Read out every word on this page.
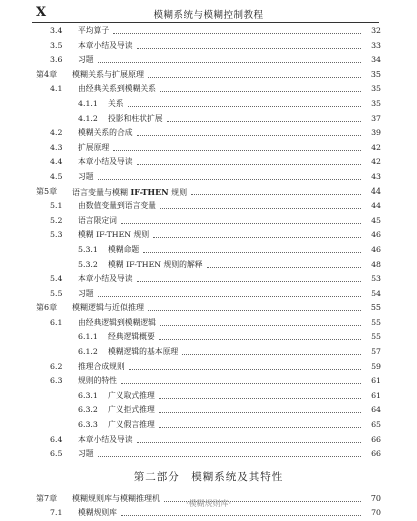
X	模糊系统与模糊控制教程
3.4 平均算子	32
3.5 本章小结及导读	33
3.6 习题	34
第4章 模糊关系与扩展原理	35
4.1 由经典关系到模糊关系	35
4.1.1 关系	35
4.1.2 投影和柱状扩展	37
4.2 模糊关系的合成	39
4.3 扩展原理	42
4.4 本章小结及导读	42
4.5 习题	43
第5章 语言变量与模糊 IF-THEN 规则	44
5.1 由数值变量到语言变量	44
5.2 语言限定词	45
5.3 模糊 IF-THEN 规则	46
5.3.1 模糊命题	46
5.3.2 模糊 IF-THEN 规则的解释	48
5.4 本章小结及导读	53
5.5 习题	54
第6章 模糊逻辑与近似推理	55
6.1 由经典逻辑到模糊逻辑	55
6.1.1 经典逻辑概要	55
6.1.2 模糊逻辑的基本原理	57
6.2 推理合成规则	59
6.3 规则的特性	61
6.3.1 广义取式推理	61
6.3.2 广义拒式推理	64
6.3.3 广义假言推理	65
6.4 本章小结及导读	66
6.5 习题	66
第二部分　模糊系统及其特性
第7章 模糊规则库与模糊推理机	70
7.1 模糊规则库	70
·模糊规则库·
